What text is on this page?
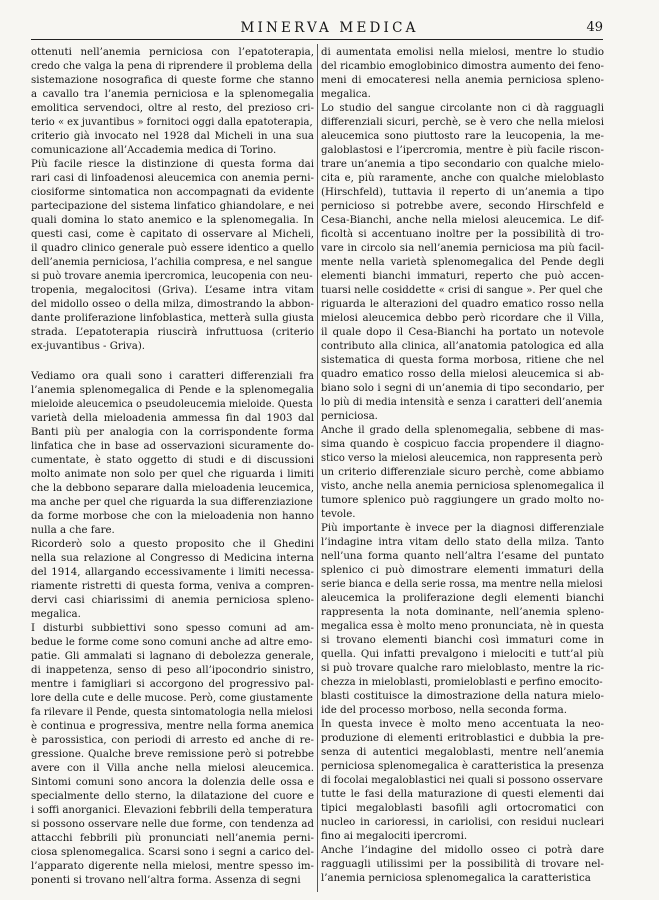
MINERVA MEDICA	49

ottenuti nell’anemia perniciosa con l’epatoterapia,
credo che valga la pena di riprendere il problema della
sistemazione nosografica di queste forme che stanno
a cavallo tra l’anemia perniciosa e la splenomegalia
emolitica servendoci, oltre al resto, del prezioso cri-
terio « ex juvantibus » fornitoci oggi dalla epatoterapia,
criterio già invocato nel 1928 dal Micheli in una sua
comunicazione all’Accademia medica di Torino.

Più facile riesce la distinzione di questa forma dai
rari casi di linfoadenosi aleucemica con anemia perni-
ciosiforme sintomatica non accompagnati da evidente
partecipazione del sistema linfatico ghiandolare, e nei
quali domina lo stato anemico e la splenomegalia. In
questi casi, come è capitato di osservare al Micheli,
il quadro clinico generale può essere identico a quello
dell’anemia perniciosa, l’achilia compresa, e nel sangue
si può trovare anemia ipercromica, leucopenia con neu-
tropenia, megalocitosi (Griva). L’esame intra vitam
del midollo osseo o della milza, dimostrando la abbon-
dante proliferazione linfoblastica, metterà sulla giusta
strada. L’epatoterapia riuscirà infruttuosa (criterio
ex-juvantibus - Griva).

Vediamo ora quali sono i caratteri differenziali fra
l’anemia splenomegalica di Pende e la splenomegalia
mieloide aleucemica o pseudoleucemia mieloide. Questa
varietà della mieloadenia ammessa fin dal 1903 dal
Banti più per analogia con la corrispondente forma
linfatica che in base ad osservazioni sicuramente do-
cumentate, è stato oggetto di studi e di discussioni
molto animate non solo per quel che riguarda i limiti
che la debbono separare dalla mieloadenia leucemica,
ma anche per quel che riguarda la sua differenziazione
da forme morbose che con la mieloadenia non hanno
nulla a che fare.

Ricorderò solo a questo proposito che il Ghedini
nella sua relazione al Congresso di Medicina interna
del 1914, allargando eccessivamente i limiti necessa-
riamente ristretti di questa forma, veniva a compren-
dervi casi chiarissimi di anemia perniciosa spleno-
megalica.

I disturbi subbiettivi sono spesso comuni ad am-
bedue le forme come sono comuni anche ad altre emo-
patie. Gli ammalati si lagnano di debolezza generale,
di inappetenza, senso di peso all’ipocondrio sinistro,
mentre i famigliari si accorgono del progressivo pal-
lore della cute e delle mucose. Però, come giustamente
fa rilevare il Pende, questa sintomatologia nella mielosi
è continua e progressiva, mentre nella forma anemica
è parossistica, con periodi di arresto ed anche di re-
gressione. Qualche breve remissione però si potrebbe
avere con il Villa anche nella mielosi aleucemica.
Sintomi comuni sono ancora la dolenzia delle ossa e
specialmente dello sterno, la dilatazione del cuore e
i soffi anorganici. Elevazioni febbrili della temperatura
si possono osservare nelle due forme, con tendenza ad
attacchi febbrili più pronunciati nell’anemia perni-
ciosa splenomegalica. Scarsi sono i segni a carico del-
l’apparato digerente nella mielosi, mentre spesso im-
ponenti si trovano nell’altra forma. Assenza di segni

di aumentata emolisi nella mielosi, mentre lo studio
del ricambio emoglobinico dimostra aumento dei feno-
meni di emocateresi nella anemia perniciosa spleno-
megalica.

Lo studio del sangue circolante non ci dà ragguagli
differenziali sicuri, perchè, se è vero che nella mielosi
aleucemica sono piuttosto rare la leucopenia, la me-
galoblastosi e l’ipercromia, mentre è più facile riscon-
trare un’anemia a tipo secondario con qualche mielo-
cita e, più raramente, anche con qualche mieloblasto
(Hirschfeld), tuttavia il reperto di un’anemia a tipo
pernicioso si potrebbe avere, secondo Hirschfeld e
Cesa-Bianchi, anche nella mielosi aleucemica. Le dif-
ficoltà si accentuano inoltre per la possibilità di tro-
vare in circolo sia nell’anemia perniciosa ma più facil-
mente nella varietà splenomegalica del Pende degli
elementi bianchi immaturi, reperto che può accen-
tuarsi nelle cosiddette « crisi di sangue ». Per quel che
riguarda le alterazioni del quadro ematico rosso nella
mielosi aleucemica debbo però ricordare che il Villa,
il quale dopo il Cesa-Bianchi ha portato un notevole
contributo alla clinica, all’anatomia patologica ed alla
sistematica di questa forma morbosa, ritiene che nel
quadro ematico rosso della mielosi aleucemica si ab-
biano solo i segni di un’anemia di tipo secondario, per
lo più di media intensità e senza i caratteri dell’anemia
perniciosa.

Anche il grado della splenomegalia, sebbene di mas-
sima quando è cospicuo faccia propendere il diagno-
stico verso la mielosi aleucemica, non rappresenta però
un criterio differenziale sicuro perchè, come abbiamo
visto, anche nella anemia perniciosa splenomegalica il
tumore splenico può raggiungere un grado molto no-
tevole.

Più importante è invece per la diagnosi differenziale
l’indagine intra vitam dello stato della milza. Tanto
nell’una forma quanto nell’altra l’esame del puntato
splenico ci può dimostrare elementi immaturi della
serie bianca e della serie rossa, ma mentre nella mielosi
aleucemica la proliferazione degli elementi bianchi
rappresenta la nota dominante, nell’anemia spleno-
megalica essa è molto meno pronunciata, nè in questa
si trovano elementi bianchi così immaturi come in
quella. Qui infatti prevalgono i mielociti e tutt’al più
si può trovare qualche raro mieloblasto, mentre la ric-
chezza in mieloblasti, promieloblasti e perfino emocito-
blasti costituisce la dimostrazione della natura mielo-
ide del processo morboso, nella seconda forma.

In questa invece è molto meno accentuata la neo-
produzione di elementi eritroblastici e dubbia la pre-
senza di autentici megaloblasti, mentre nell’anemia
perniciosa splenomegalica è caratteristica la presenza
di focolai megaloblastici nei quali si possono osservare
tutte le fasi della maturazione di questi elementi dai
tipici megaloblasti basofili agli ortocromatici con
nucleo in carioressi, in cariolisi, con residui nucleari
fino ai megalociti ipercromi.

Anche l’indagine del midollo osseo ci potrà dare
ragguagli utilissimi per la possibilità di trovare nel-
l’anemia perniciosa splenomegalica la caratteristica
